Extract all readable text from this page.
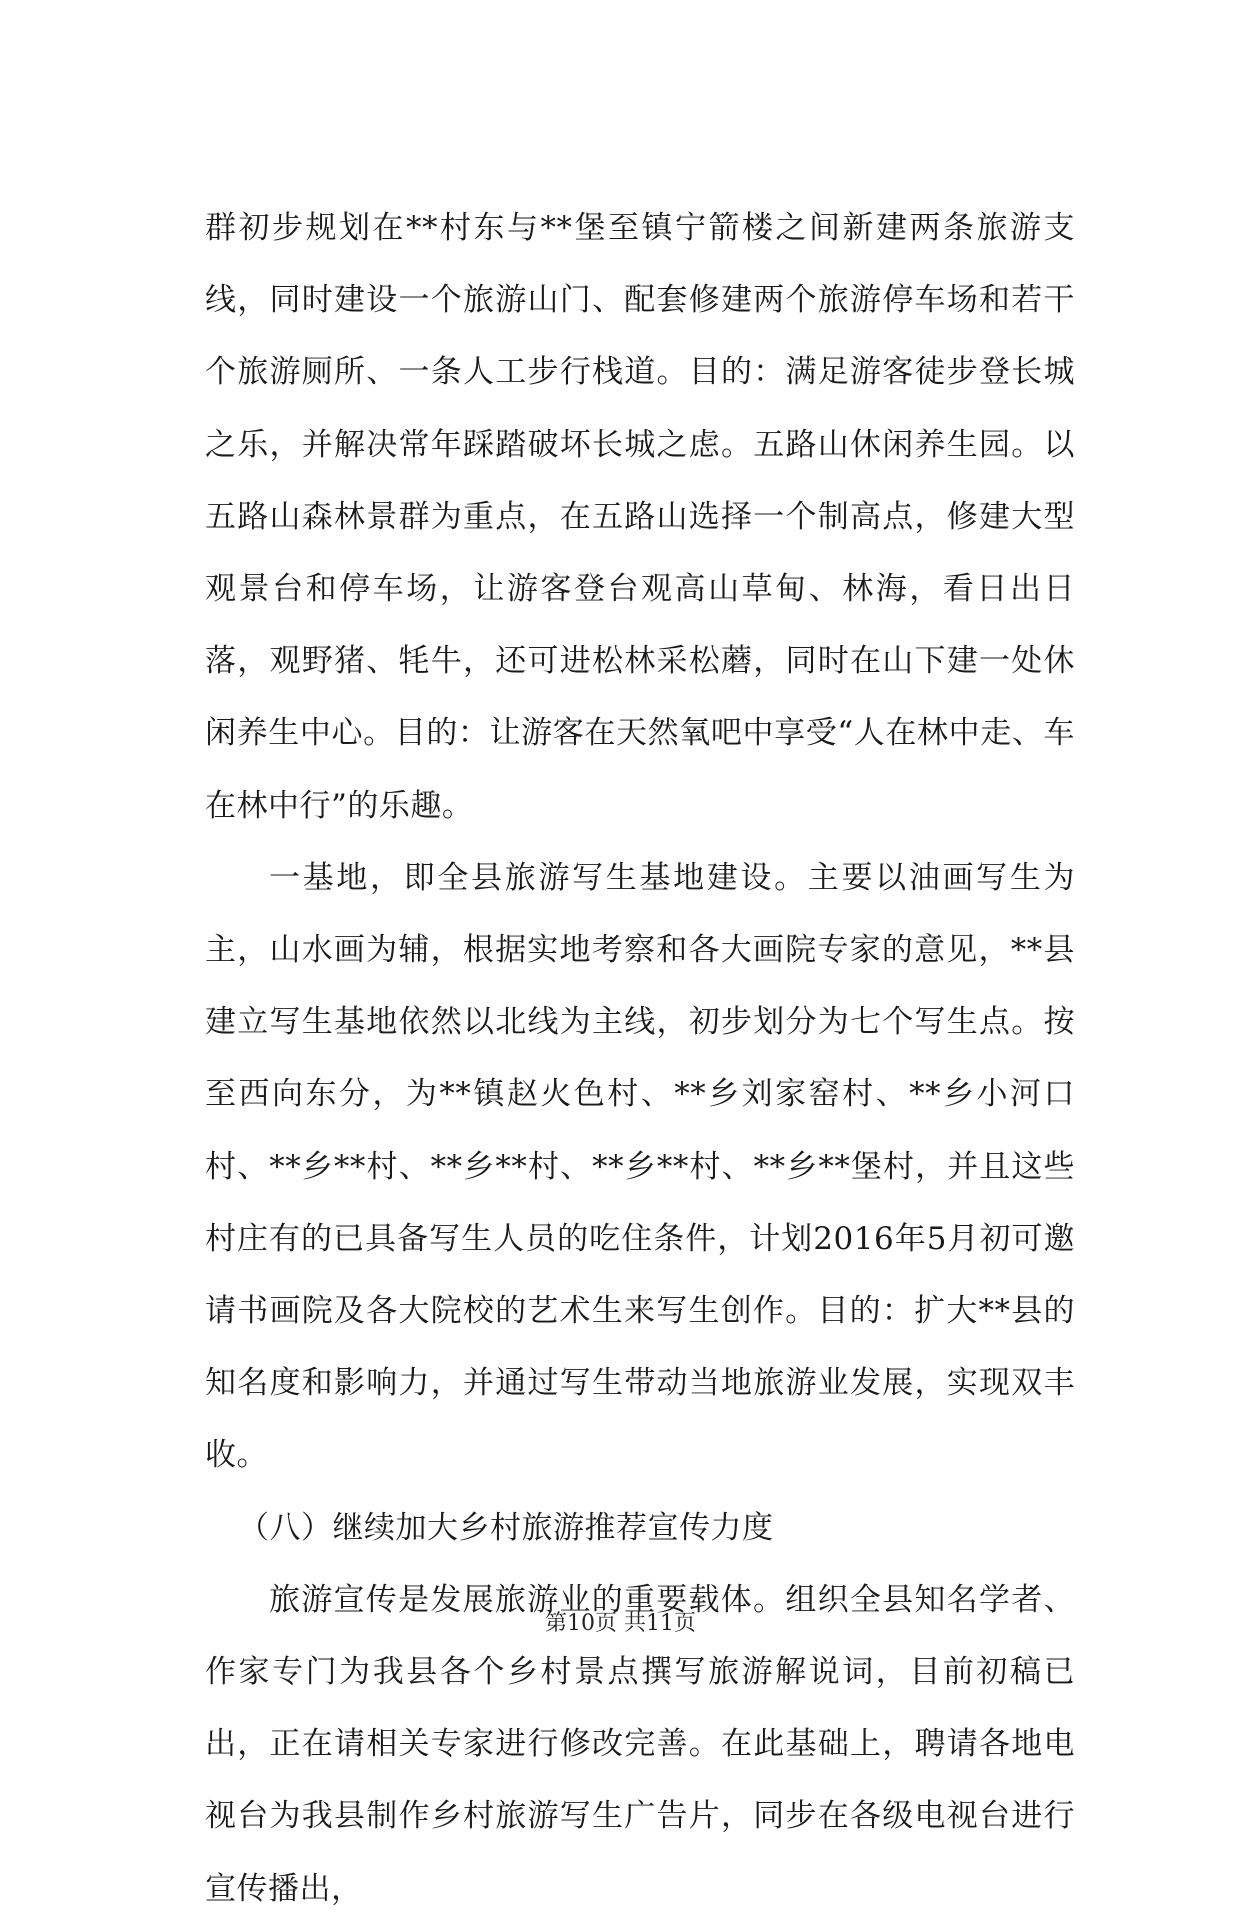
群初步规划在**村东与**堡至镇宁箭楼之间新建两条旅游支线，同时建设一个旅游山门、配套修建两个旅游停车场和若干个旅游厕所、一条人工步行栈道。目的：满足游客徒步登长城之乐，并解决常年踩踏破坏长城之虑。五路山休闲养生园。以五路山森林景群为重点，在五路山选择一个制高点，修建大型观景台和停车场，让游客登台观高山草甸、林海，看日出日落，观野猪、牦牛，还可进松林采松蘑，同时在山下建一处休闲养生中心。目的：让游客在天然氧吧中享受“人在林中走、车在林中行”的乐趣。

一基地，即全县旅游写生基地建设。主要以油画写生为主，山水画为辅，根据实地考察和各大画院专家的意见，**县建立写生基地依然以北线为主线，初步划分为七个写生点。按至西向东分，为**镇赵火色村、**乡刘家窑村、**乡小河口村、**乡**村、**乡**村、**乡**村、**乡**堡村，并且这些村庄有的已具备写生人员的吃住条件，计划2016年5月初可邀请书画院及各大院校的艺术生来写生创作。目的：扩大**县的知名度和影响力，并通过写生带动当地旅游业发展，实现双丰收。

（八）继续加大乡村旅游推荐宣传力度

旅游宣传是发展旅游业的重要载体。组织全县知名学者、作家专门为我县各个乡村景点撰写旅游解说词，目前初稿已出，正在请相关专家进行修改完善。在此基础上，聘请各地电视台为我县制作乡村旅游写生广告片，同步在各级电视台进行宣传播出，

第10页 共11页
